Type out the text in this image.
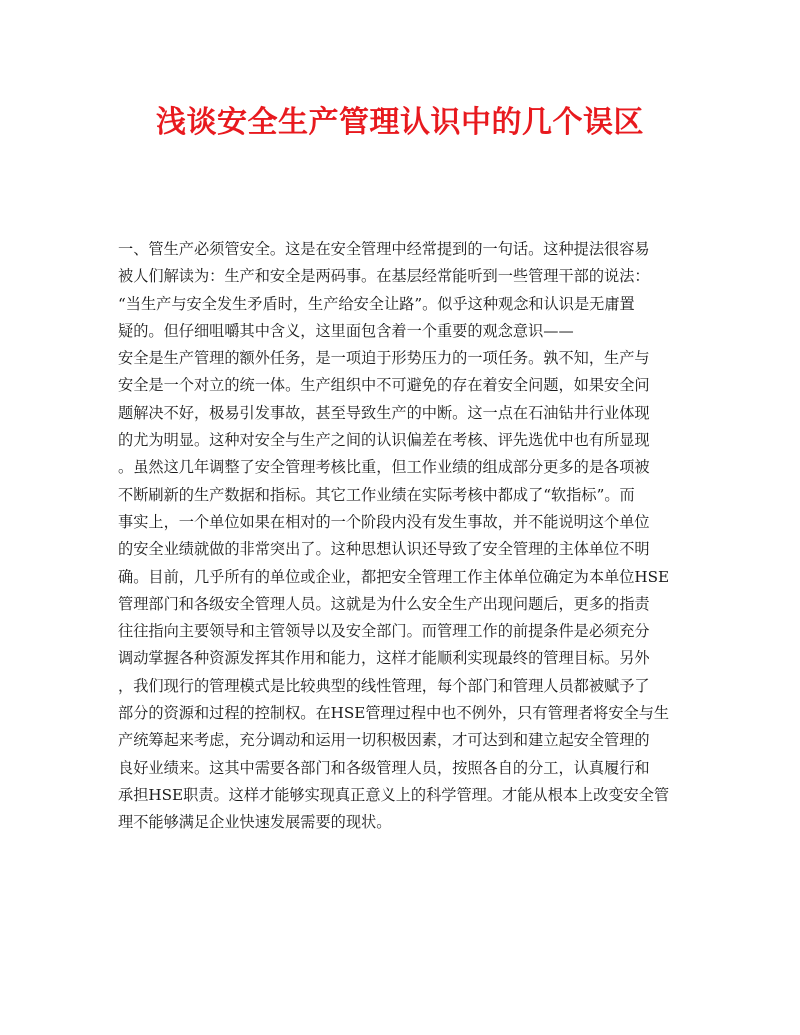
浅谈安全生产管理认识中的几个误区
一、管生产必须管安全。这是在安全管理中经常提到的一句话。这种提法很容易
被人们解读为：生产和安全是两码事。在基层经常能听到一些管理干部的说法：
“当生产与安全发生矛盾时，生产给安全让路”。似乎这种观念和认识是无庸置
疑的。但仔细咀嚼其中含义，这里面包含着一个重要的观念意识——
安全是生产管理的额外任务，是一项迫于形势压力的一项任务。孰不知，生产与
安全是一个对立的统一体。生产组织中不可避免的存在着安全问题，如果安全问
题解决不好，极易引发事故，甚至导致生产的中断。这一点在石油钻井行业体现
的尤为明显。这种对安全与生产之间的认识偏差在考核、评先选优中也有所显现
。虽然这几年调整了安全管理考核比重，但工作业绩的组成部分更多的是各项被
不断刷新的生产数据和指标。其它工作业绩在实际考核中都成了“软指标”。而
事实上，一个单位如果在相对的一个阶段内没有发生事故，并不能说明这个单位
的安全业绩就做的非常突出了。这种思想认识还导致了安全管理的主体单位不明
确。目前，几乎所有的单位或企业，都把安全管理工作主体单位确定为本单位HSE
管理部门和各级安全管理人员。这就是为什么安全生产出现问题后，更多的指责
往往指向主要领导和主管领导以及安全部门。而管理工作的前提条件是必须充分
调动掌握各种资源发挥其作用和能力，这样才能顺利实现最终的管理目标。另外
，我们现行的管理模式是比较典型的线性管理，每个部门和管理人员都被赋予了
部分的资源和过程的控制权。在HSE管理过程中也不例外，只有管理者将安全与生
产统筹起来考虑，充分调动和运用一切积极因素，才可达到和建立起安全管理的
良好业绩来。这其中需要各部门和各级管理人员，按照各自的分工，认真履行和
承担HSE职责。这样才能够实现真正意义上的科学管理。才能从根本上改变安全管
理不能够满足企业快速发展需要的现状。
